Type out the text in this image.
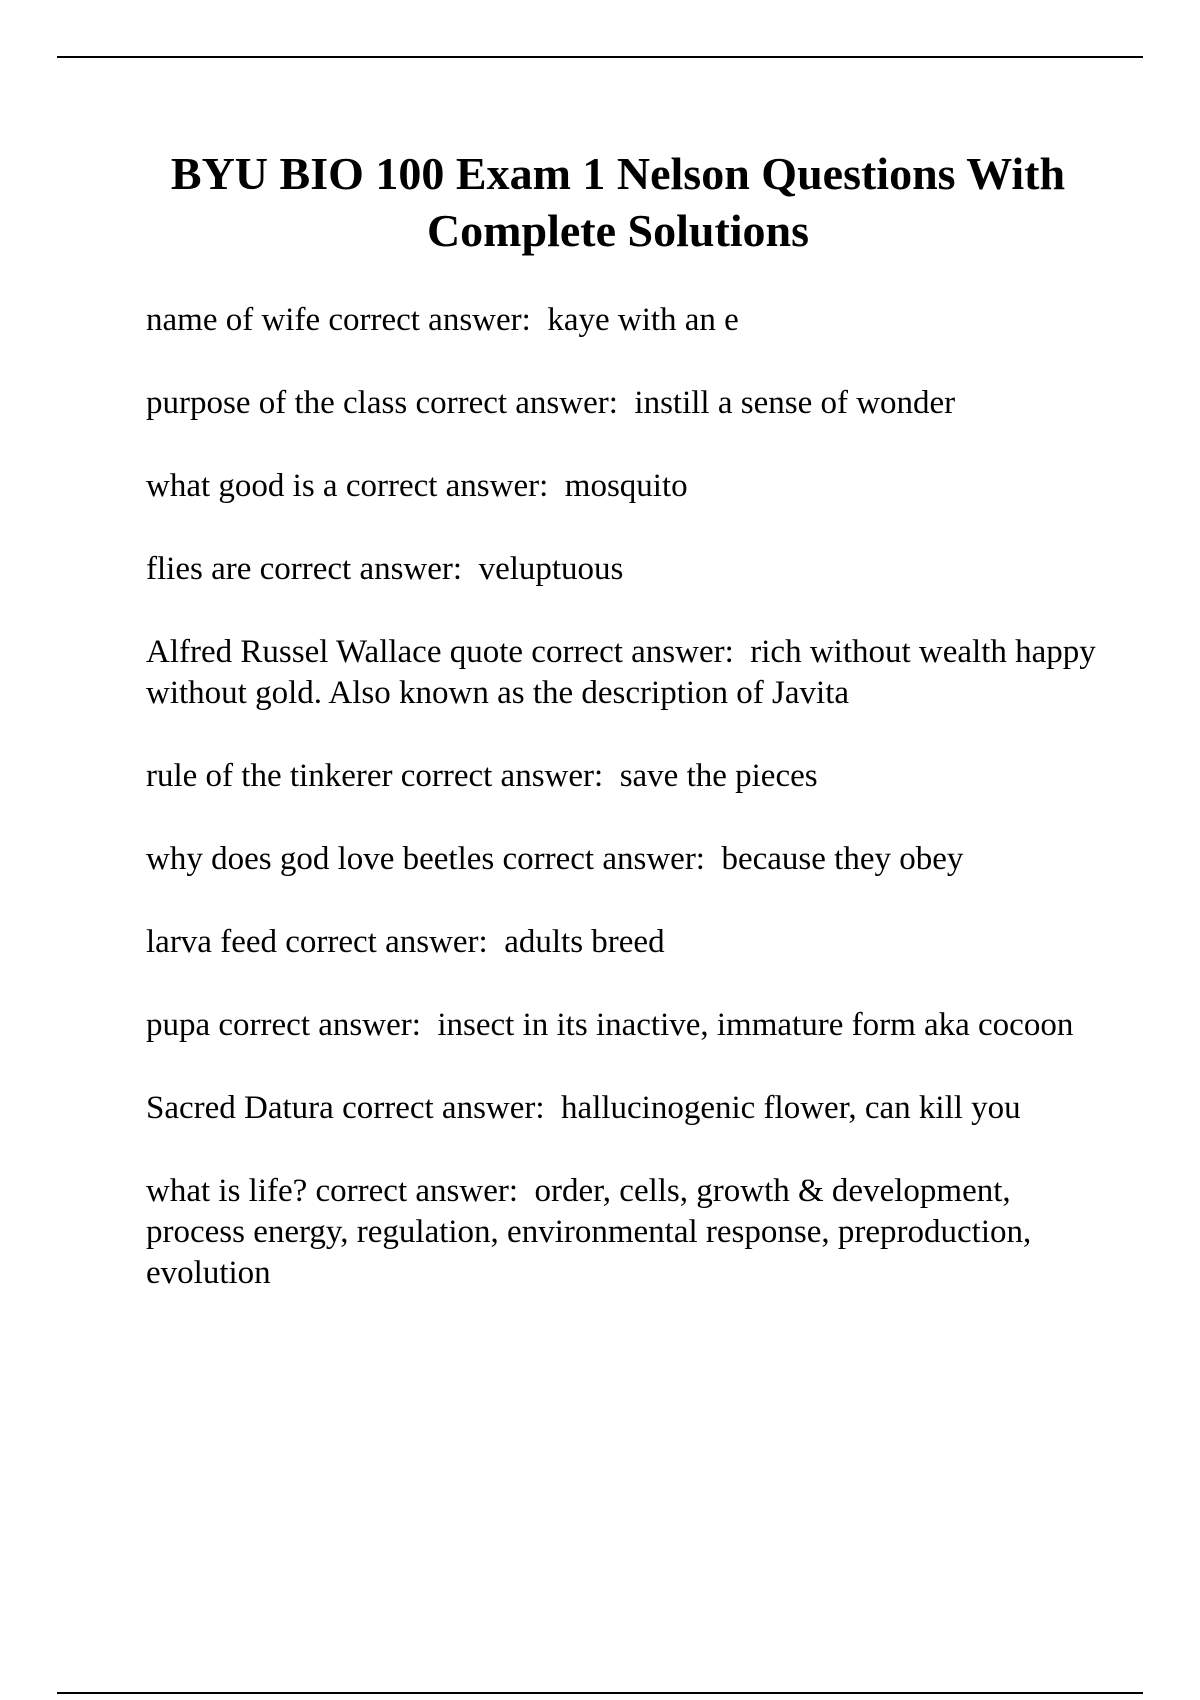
BYU BIO 100 Exam 1 Nelson Questions With Complete Solutions
name of wife correct answer: kaye with an e
purpose of the class correct answer: instill a sense of wonder
what good is a correct answer: mosquito
flies are correct answer: veluptuous
Alfred Russel Wallace quote correct answer: rich without wealth happy without gold. Also known as the description of Javita
rule of the tinkerer correct answer: save the pieces
why does god love beetles correct answer: because they obey
larva feed correct answer: adults breed
pupa correct answer: insect in its inactive, immature form aka cocoon
Sacred Datura correct answer: hallucinogenic flower, can kill you
what is life? correct answer: order, cells, growth & development, process energy, regulation, environmental response, preproduction, evolution
